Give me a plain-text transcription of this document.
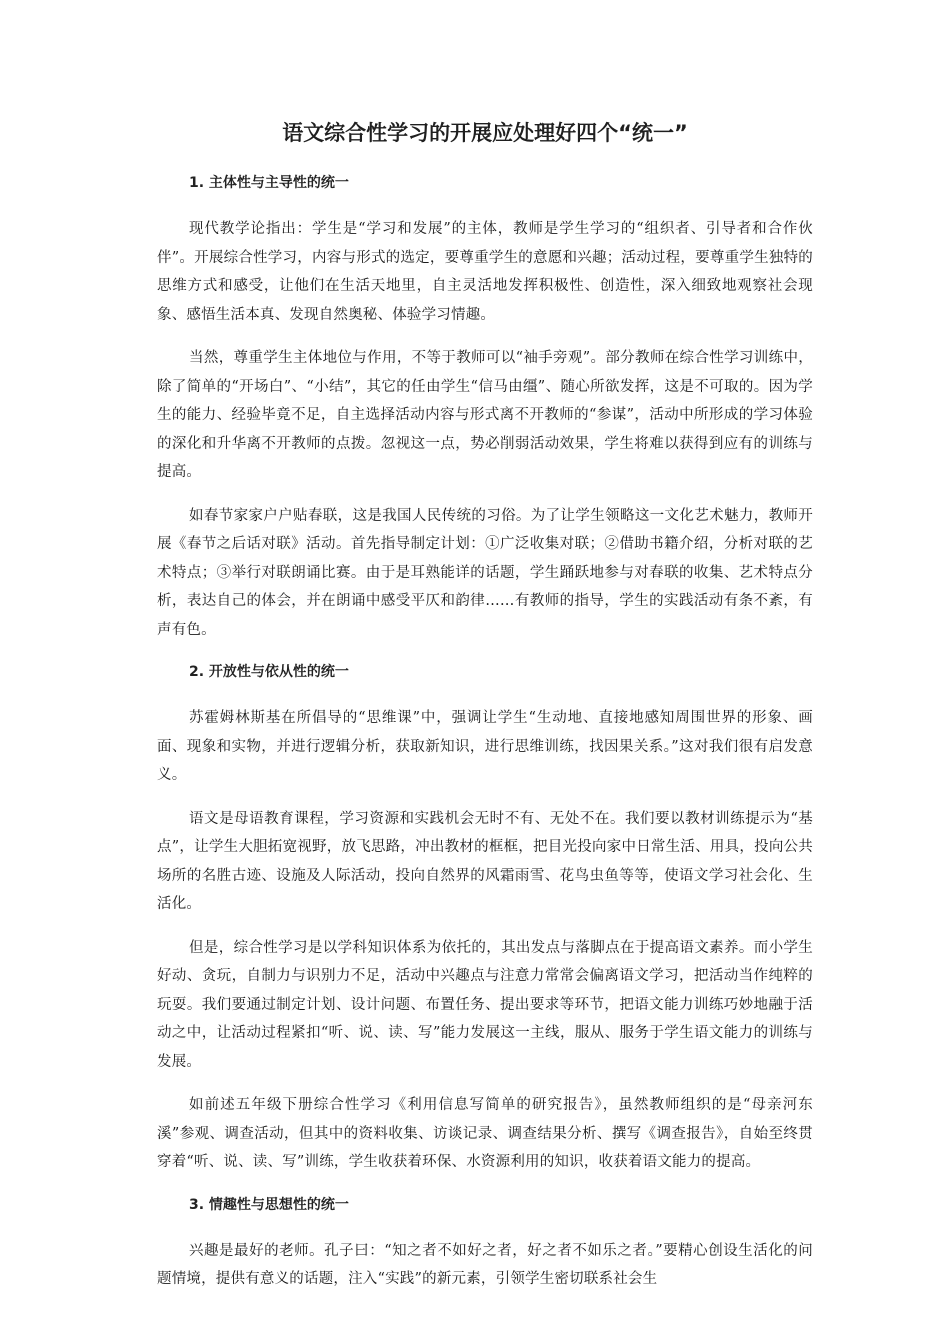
语文综合性学习的开展应处理好四个“统一”
1. 主体性与主导性的统一

现代教学论指出：学生是“学习和发展”的主体，教师是学生学习的“组织者、引导者和合作伙伴”。开展综合性学习，内容与形式的选定，要尊重学生的意愿和兴趣；活动过程，要尊重学生独特的思维方式和感受，让他们在生活天地里，自主灵活地发挥积极性、创造性，深入细致地观察社会现象、感悟生活本真、发现自然奥秘、体验学习情趣。

当然，尊重学生主体地位与作用，不等于教师可以“袖手旁观”。部分教师在综合性学习训练中，除了简单的“开场白”、“小结”，其它的任由学生“信马由缰”、随心所欲发挥，这是不可取的。因为学生的能力、经验毕竟不足，自主选择活动内容与形式离不开教师的“参谋”，活动中所形成的学习体验的深化和升华离不开教师的点拨。忽视这一点，势必削弱活动效果，学生将难以获得到应有的训练与提高。

如春节家家户户贴春联，这是我国人民传统的习俗。为了让学生领略这一文化艺术魅力，教师开展《春节之后话对联》活动。首先指导制定计划：①广泛收集对联；②借助书籍介绍，分析对联的艺术特点；③举行对联朗诵比赛。由于是耳熟能详的话题，学生踊跃地参与对春联的收集、艺术特点分析，表达自己的体会，并在朗诵中感受平仄和韵律……有教师的指导，学生的实践活动有条不紊，有声有色。

2. 开放性与依从性的统一

苏霍姆林斯基在所倡导的“思维课”中，强调让学生“生动地、直接地感知周围世界的形象、画面、现象和实物，并进行逻辑分析，获取新知识，进行思维训练，找因果关系。”这对我们很有启发意义。

语文是母语教育课程，学习资源和实践机会无时不有、无处不在。我们要以教材训练提示为“基点”，让学生大胆拓宽视野，放飞思路，冲出教材的框框，把目光投向家中日常生活、用具，投向公共场所的名胜古迹、设施及人际活动，投向自然界的风霜雨雪、花鸟虫鱼等等，使语文学习社会化、生活化。

但是，综合性学习是以学科知识体系为依托的，其出发点与落脚点在于提高语文素养。而小学生好动、贪玩，自制力与识别力不足，活动中兴趣点与注意力常常会偏离语文学习，把活动当作纯粹的玩耍。我们要通过制定计划、设计问题、布置任务、提出要求等环节，把语文能力训练巧妙地融于活动之中，让活动过程紧扣“听、说、读、写”能力发展这一主线，服从、服务于学生语文能力的训练与发展。

如前述五年级下册综合性学习《利用信息写简单的研究报告》，虽然教师组织的是“母亲河东溪”参观、调查活动，但其中的资料收集、访谈记录、调查结果分析、撰写《调查报告》，自始至终贯穿着“听、说、读、写”训练，学生收获着环保、水资源利用的知识，收获着语文能力的提高。

3. 情趣性与思想性的统一

兴趣是最好的老师。孔子曰：“知之者不如好之者，好之者不如乐之者。”要精心创设生活化的问题情境，提供有意义的话题，注入“实践”的新元素，引领学生密切联系社会生
